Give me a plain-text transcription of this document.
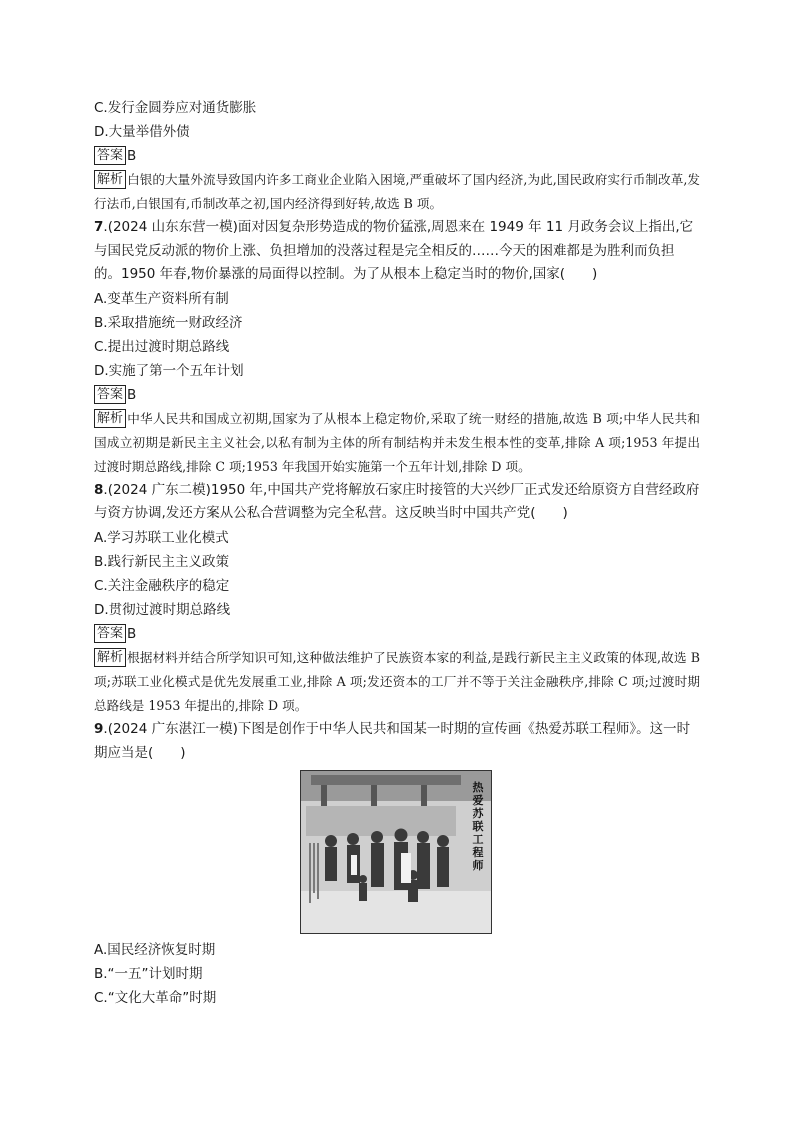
C.发行金圆券应对通货膨胀

D.大量举借外债

答案 B

解析 白银的大量外流导致国内许多工商业企业陷入困境,严重破坏了国内经济,为此,国民政府实行币制改革,发行法币,白银国有,币制改革之初,国内经济得到好转,故选 B 项。

7.(2024 山东东营一模)面对因复杂形势造成的物价猛涨,周恩来在 1949 年 11 月政务会议上指出,它与国民党反动派的物价上涨、负担增加的没落过程是完全相反的……今天的困难都是为胜利而负担的。1950 年春,物价暴涨的局面得以控制。为了从根本上稳定当时的物价,国家(　　)

A.变革生产资料所有制

B.采取措施统一财政经济

C.提出过渡时期总路线

D.实施了第一个五年计划

答案 B

解析 中华人民共和国成立初期,国家为了从根本上稳定物价,采取了统一财经的措施,故选 B 项;中华人民共和国成立初期是新民主主义社会,以私有制为主体的所有制结构并未发生根本性的变革,排除 A 项;1953 年提出过渡时期总路线,排除 C 项;1953 年我国开始实施第一个五年计划,排除 D 项。

8.(2024 广东二模)1950 年,中国共产党将解放石家庄时接管的大兴纱厂正式发还给原资方自营经政府与资方协调,发还方案从公私合营调整为完全私营。这反映当时中国共产党(　　)

A.学习苏联工业化模式

B.践行新民主主义政策

C.关注金融秩序的稳定

D.贯彻过渡时期总路线

答案 B

解析 根据材料并结合所学知识可知,这种做法维护了民族资本家的利益,是践行新民主主义政策的体现,故选 B 项;苏联工业化模式是优先发展重工业,排除 A 项;发还资本的工厂并不等于关注金融秩序,排除 C 项;过渡时期总路线是 1953 年提出的,排除 D 项。

9.(2024 广东湛江一模)下图是创作于中华人民共和国某一时期的宣传画《热爱苏联工程师》。这一时期应当是(　　)

热爱苏联工程师

A.国民经济恢复时期

B.“一五”计划时期

C.“文化大革命”时期
